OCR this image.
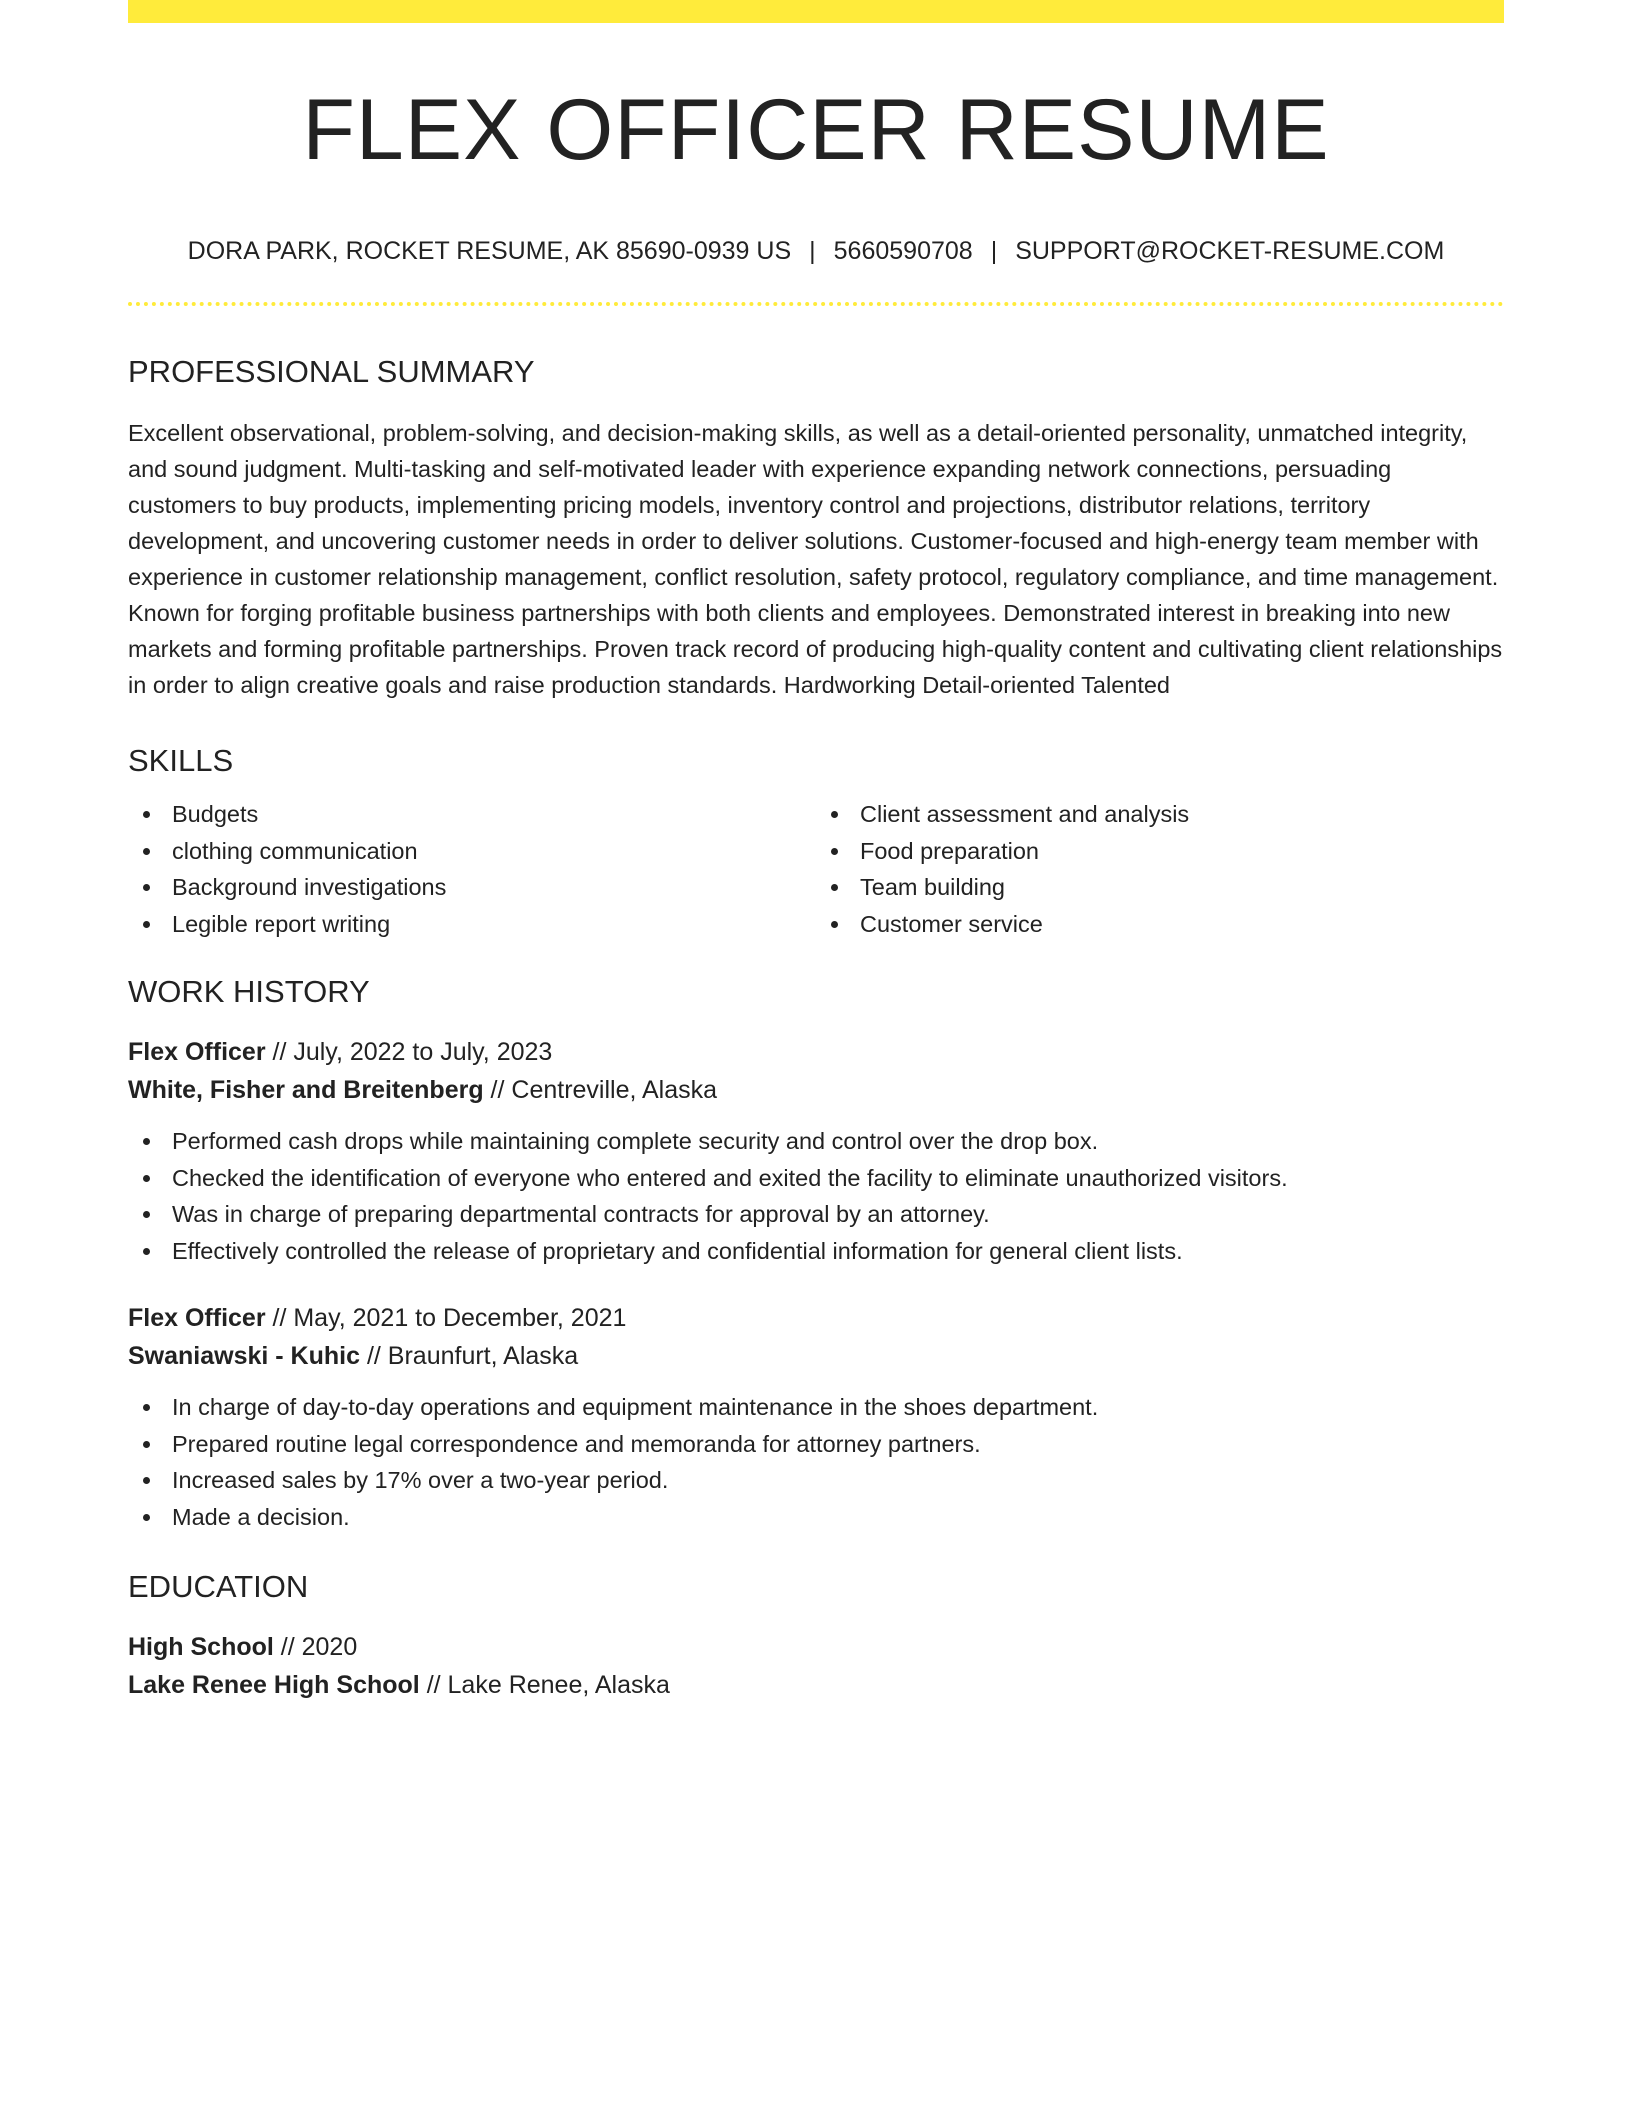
FLEX OFFICER RESUME
DORA PARK, ROCKET RESUME, AK 85690-0939 US | 5660590708 | SUPPORT@ROCKET-RESUME.COM
PROFESSIONAL SUMMARY
Excellent observational, problem-solving, and decision-making skills, as well as a detail-oriented personality, unmatched integrity, and sound judgment. Multi-tasking and self-motivated leader with experience expanding network connections, persuading customers to buy products, implementing pricing models, inventory control and projections, distributor relations, territory development, and uncovering customer needs in order to deliver solutions. Customer-focused and high-energy team member with experience in customer relationship management, conflict resolution, safety protocol, regulatory compliance, and time management. Known for forging profitable business partnerships with both clients and employees. Demonstrated interest in breaking into new markets and forming profitable partnerships. Proven track record of producing high-quality content and cultivating client relationships in order to align creative goals and raise production standards. Hardworking Detail-oriented Talented
SKILLS
Budgets
clothing communication
Background investigations
Legible report writing
Client assessment and analysis
Food preparation
Team building
Customer service
WORK HISTORY
Flex Officer // July, 2022 to July, 2023
White, Fisher and Breitenberg // Centreville, Alaska
Performed cash drops while maintaining complete security and control over the drop box.
Checked the identification of everyone who entered and exited the facility to eliminate unauthorized visitors.
Was in charge of preparing departmental contracts for approval by an attorney.
Effectively controlled the release of proprietary and confidential information for general client lists.
Flex Officer // May, 2021 to December, 2021
Swaniawski - Kuhic // Braunfurt, Alaska
In charge of day-to-day operations and equipment maintenance in the shoes department.
Prepared routine legal correspondence and memoranda for attorney partners.
Increased sales by 17% over a two-year period.
Made a decision.
EDUCATION
High School // 2020
Lake Renee High School // Lake Renee, Alaska
